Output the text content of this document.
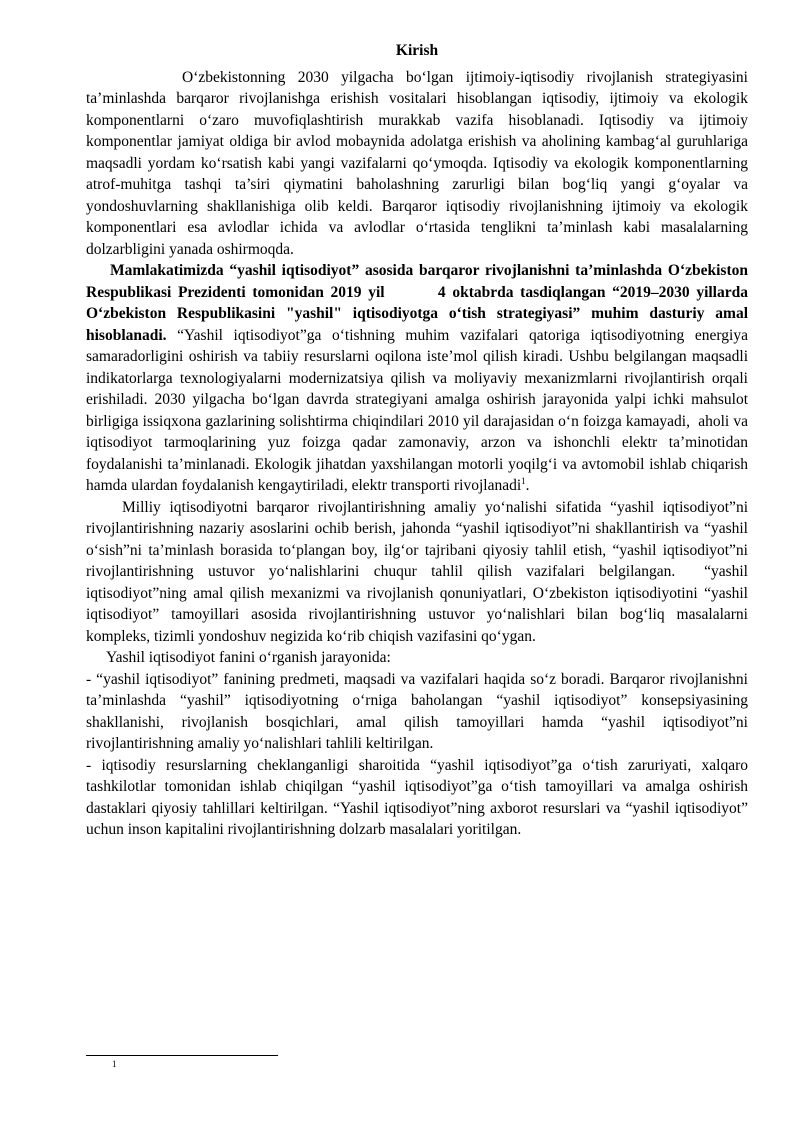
Kirish

O‘zbekistonning 2030 yilgacha bo‘lgan ijtimoiy-iqtisodiy rivojlanish strategiyasini ta’minlashda barqaror rivojlanishga erishish vositalari hisoblangan iqtisodiy, ijtimoiy va ekologik komponentlarni o‘zaro muvofiqlashtirish murakkab vazifa hisoblanadi. Iqtisodiy va ijtimoiy komponentlar jamiyat oldiga bir avlod mobaynida adolatga erishish va aholining kambag‘al guruhlariga maqsadli yordam ko‘rsatish kabi yangi vazifalarni qo‘ymoqda. Iqtisodiy va ekologik komponentlarning atrof-muhitga tashqi ta’siri qiymatini baholashning zarurligi bilan bog‘liq yangi g‘oyalar va yondoshuvlarning shakllanishiga olib keldi. Barqaror iqtisodiy rivojlanishning ijtimoiy va ekologik komponentlari esa avlodlar ichida va avlodlar o‘rtasida tenglikni ta’minlash kabi masalalarning dolzarbligini yanada oshirmoqda.

Mamlakatimizda “yashil iqtisodiyot” asosida barqaror rivojlanishni ta’minlashda O‘zbekiston Respublikasi Prezidenti tomonidan 2019 yil        4 oktabrda tasdiqlangan “2019–2030 yillarda O‘zbekiston Respublikasini "yashil" iqtisodiyotga o‘tish strategiyasi” muhim dasturiy amal hisoblanadi. “Yashil iqtisodiyot”ga o‘tishning muhim vazifalari qatoriga iqtisodiyotning energiya samaradorligini oshirish va tabiiy resurslarni oqilona iste’mol qilish kiradi. Ushbu belgilangan maqsadli indikatorlarga texnologiyalarni modernizatsiya qilish va moliyaviy mexanizmlarni rivojlantirish orqali erishiladi. 2030 yilgacha bo‘lgan davrda strategiyani amalga oshirish jarayonida yalpi ichki mahsulot birligiga issiqxona gazlarining solishtirma chiqindilari 2010 yil darajasidan o‘n foizga kamayadi,  aholi va iqtisodiyot tarmoqlarining yuz foizga qadar zamonaviy, arzon va ishonchli elektr ta’minotidan foydalanishi ta’minlanadi. Ekologik jihatdan yaxshilangan motorli yoqilg‘i va avtomobil ishlab chiqarish hamda ulardan foydalanish kengaytiriladi, elektr transporti rivojlanadi$^1$.

Milliy iqtisodiyotni barqaror rivojlantirishning amaliy yo‘nalishi sifatida “yashil iqtisodiyot”ni rivojlantirishning nazariy asoslarini ochib berish, jahonda “yashil iqtisodiyot”ni shakllantirish va “yashil o‘sish”ni ta’minlash borasida to‘plangan boy, ilg‘or tajribani qiyosiy tahlil etish, “yashil iqtisodiyot”ni rivojlantirishning ustuvor yo‘nalishlarini chuqur tahlil qilish vazifalari belgilangan.  “yashil iqtisodiyot”ning amal qilish mexanizmi va rivojlanish qonuniyatlari, O‘zbekiston iqtisodiyotini “yashil iqtisodiyot” tamoyillari asosida rivojlantirishning ustuvor yo‘nalishlari bilan bog‘liq masalalarni kompleks, tizimli yondoshuv negizida ko‘rib chiqish vazifasini qo‘ygan.

Yashil iqtisodiyot fanini o‘rganish jarayonida:

- “yashil iqtisodiyot” fanining predmeti, maqsadi va vazifalari haqida so‘z boradi. Barqaror rivojlanishni ta’minlashda “yashil” iqtisodiyotning o‘rniga baholangan “yashil iqtisodiyot” konsepsiyasining shakllanishi, rivojlanish bosqichlari, amal qilish tamoyillari hamda “yashil iqtisodiyot”ni rivojlantirishning amaliy yo‘nalishlari tahlili keltirilgan.

- iqtisodiy resurslarning cheklanganligi sharoitida “yashil iqtisodiyot”ga o‘tish zaruriyati, xalqaro tashkilotlar tomonidan ishlab chiqilgan “yashil iqtisodiyot”ga o‘tish tamoyillari va amalga oshirish dastaklari qiyosiy tahlillari keltirilgan. “Yashil iqtisodiyot”ning axborot resurslari va “yashil iqtisodiyot” uchun inson kapitalini rivojlantirishning dolzarb masalalari yoritilgan.

1
